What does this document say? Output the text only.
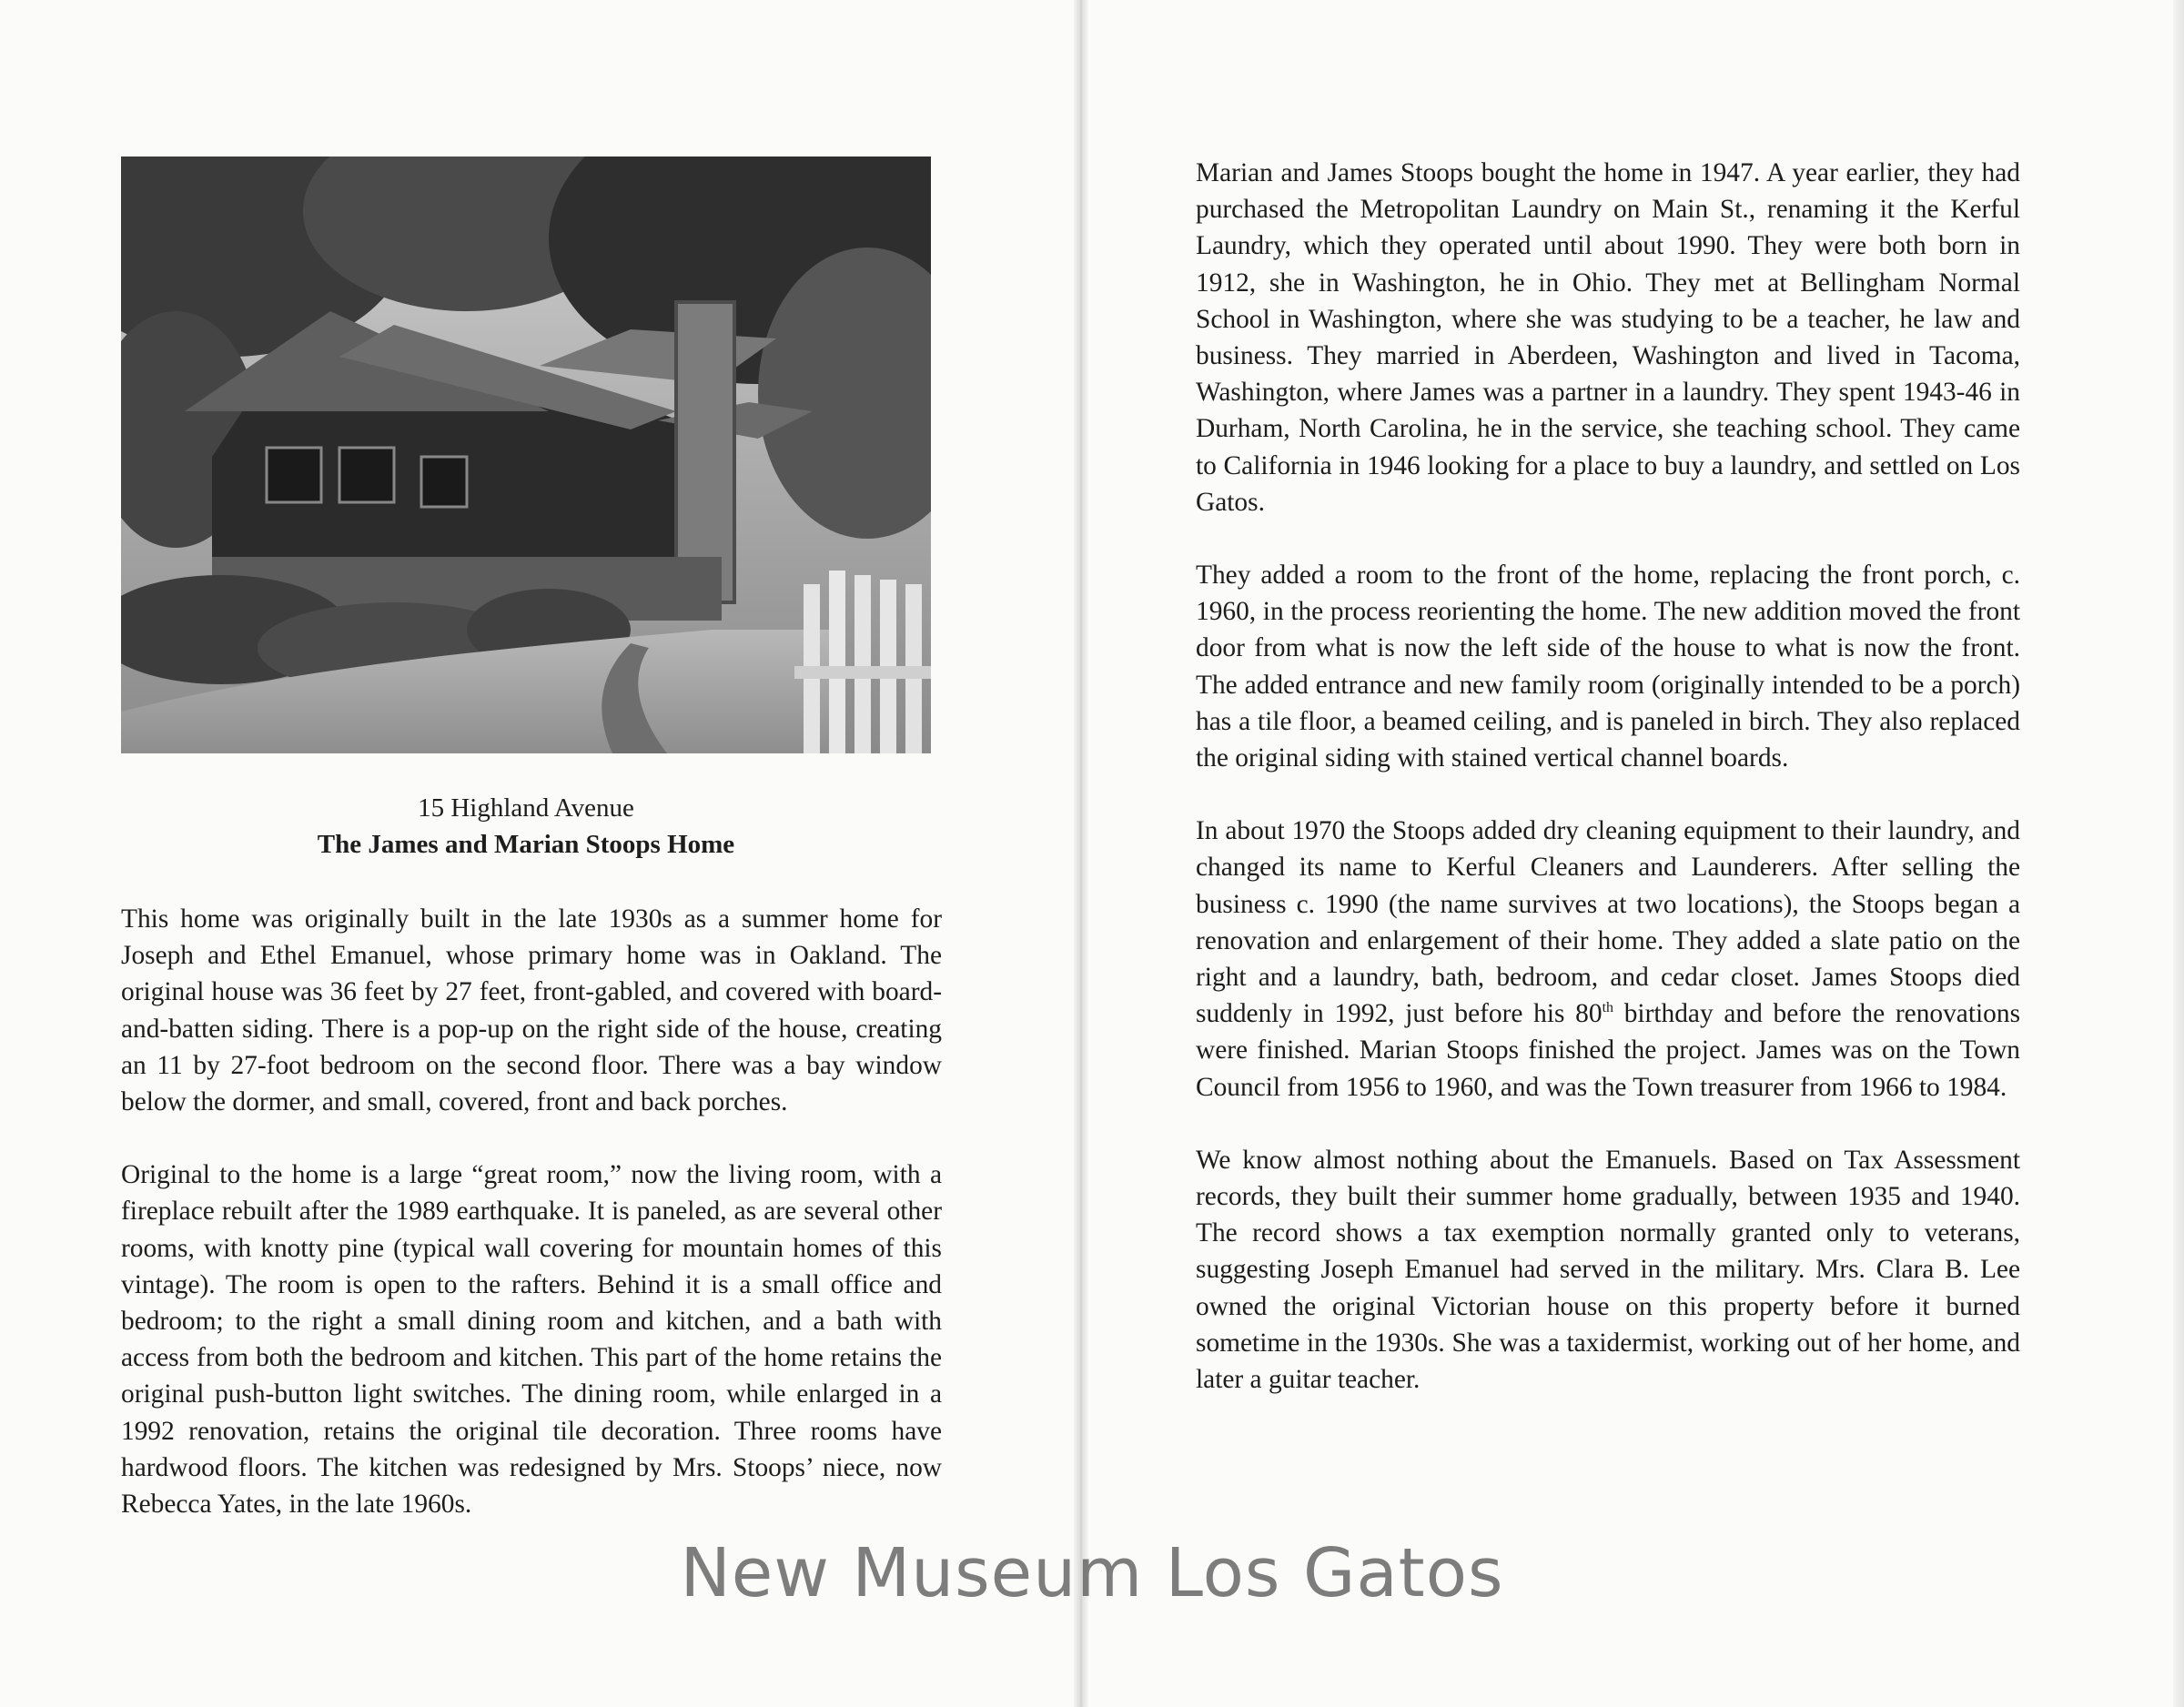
15 Highland Avenue
The James and Marian Stoops Home

This home was originally built in the late 1930s as a summer home for Joseph and Ethel Emanuel, whose primary home was in Oakland. The original house was 36 feet by 27 feet, front-gabled, and covered with board-and-batten siding. There is a pop-up on the right side of the house, creating an 11 by 27-foot bedroom on the second floor. There was a bay window below the dormer, and small, covered, front and back porches.

Original to the home is a large “great room,” now the living room, with a fireplace rebuilt after the 1989 earthquake. It is paneled, as are several other rooms, with knotty pine (typical wall covering for mountain homes of this vintage). The room is open to the rafters. Behind it is a small office and bedroom; to the right a small dining room and kitchen, and a bath with access from both the bedroom and kitchen. This part of the home retains the original push-button light switches. The dining room, while enlarged in a 1992 renovation, retains the original tile decoration. Three rooms have hardwood floors. The kitchen was redesigned by Mrs. Stoops’ niece, now Rebecca Yates, in the late 1960s.

Marian and James Stoops bought the home in 1947. A year earlier, they had purchased the Metropolitan Laundry on Main St., renaming it the Kerful Laundry, which they operated until about 1990. They were both born in 1912, she in Washington, he in Ohio. They met at Bellingham Normal School in Washington, where she was studying to be a teacher, he law and business. They married in Aberdeen, Washington and lived in Tacoma, Washington, where James was a partner in a laundry. They spent 1943-46 in Durham, North Carolina, he in the service, she teaching school. They came to California in 1946 looking for a place to buy a laundry, and settled on Los Gatos.

They added a room to the front of the home, replacing the front porch, c. 1960, in the process reorienting the home. The new addition moved the front door from what is now the left side of the house to what is now the front. The added entrance and new family room (originally intended to be a porch) has a tile floor, a beamed ceiling, and is paneled in birch. They also replaced the original siding with stained vertical channel boards.

In about 1970 the Stoops added dry cleaning equipment to their laundry, and changed its name to Kerful Cleaners and Launderers. After selling the business c. 1990 (the name survives at two locations), the Stoops began a renovation and enlargement of their home. They added a slate patio on the right and a laundry, bath, bedroom, and cedar closet. James Stoops died suddenly in 1992, just before his 80th birthday and before the renovations were finished. Marian Stoops finished the project. James was on the Town Council from 1956 to 1960, and was the Town treasurer from 1966 to 1984.

We know almost nothing about the Emanuels. Based on Tax Assessment records, they built their summer home gradually, between 1935 and 1940. The record shows a tax exemption normally granted only to veterans, suggesting Joseph Emanuel had served in the military. Mrs. Clara B. Lee owned the original Victorian house on this property before it burned sometime in the 1930s. She was a taxidermist, working out of her home, and later a guitar teacher.

New Museum Los Gatos
